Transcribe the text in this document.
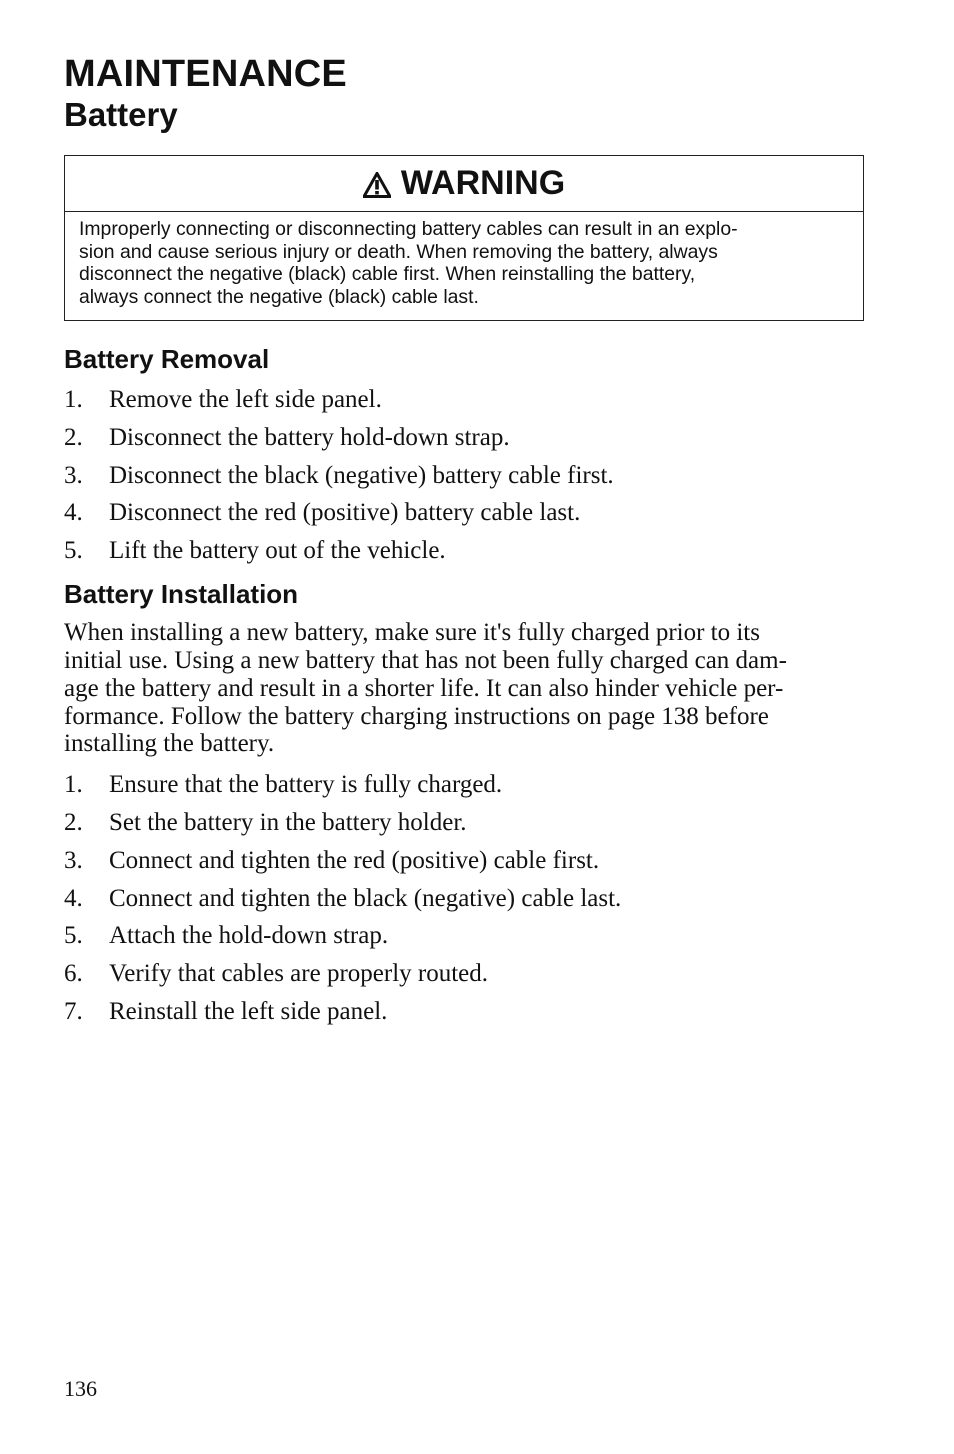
MAINTENANCE
Battery
WARNING
Improperly connecting or disconnecting battery cables can result in an explo-
sion and cause serious injury or death. When removing the battery, always
disconnect the negative (black) cable first. When reinstalling the battery,
always connect the negative (black) cable last.
Battery Removal
1.	Remove the left side panel.
2.	Disconnect the battery hold-down strap.
3.	Disconnect the black (negative) battery cable first.
4.	Disconnect the red (positive) battery cable last.
5.	Lift the battery out of the vehicle.
Battery Installation
When installing a new battery, make sure it's fully charged prior to its
initial use. Using a new battery that has not been fully charged can dam-
age the battery and result in a shorter life. It can also hinder vehicle per-
formance. Follow the battery charging instructions on page 138 before
installing the battery.
1.	Ensure that the battery is fully charged.
2.	Set the battery in the battery holder.
3.	Connect and tighten the red (positive) cable first.
4.	Connect and tighten the black (negative) cable last.
5.	Attach the hold-down strap.
6.	Verify that cables are properly routed.
7.	Reinstall the left side panel.
136
